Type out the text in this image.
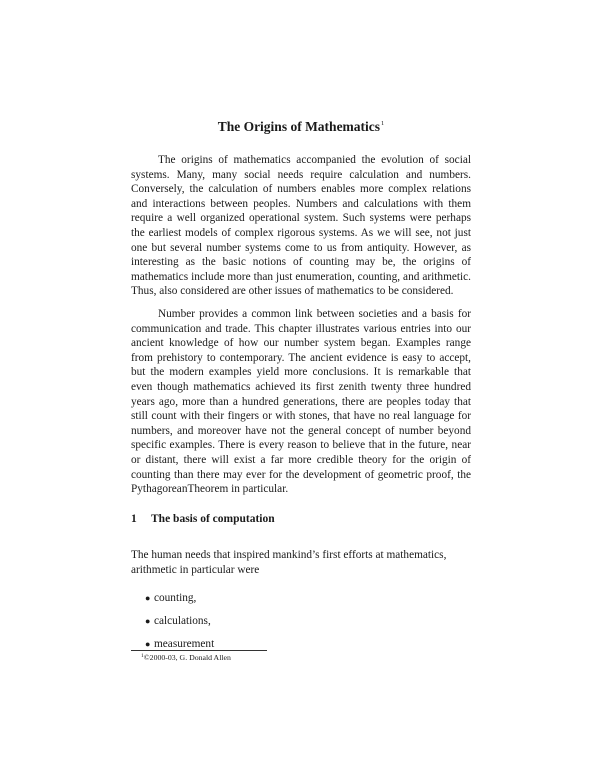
The Origins of Mathematics$^1$

The origins of mathematics accompanied the evolution of social systems. Many, many social needs require calculation and numbers. Conversely, the calculation of numbers enables more complex relations and interactions between peoples. Numbers and calculations with them require a well organized operational system. Such systems were perhaps the earliest models of complex rigorous systems. As we will see, not just one but several number systems come to us from antiquity. However, as interesting as the basic notions of counting may be, the origins of mathematics include more than just enumeration, counting, and arithmetic. Thus, also considered are other issues of mathematics to be considered.

Number provides a common link between societies and a basis for communication and trade. This chapter illustrates various entries into our ancient knowledge of how our number system began. Examples range from prehistory to contemporary. The ancient evidence is easy to accept, but the modern examples yield more conclusions. It is remarkable that even though mathematics achieved its first zenith twenty three hundred years ago, more than a hundred generations, there are peoples today that still count with their fingers or with stones, that have no real language for numbers, and moreover have not the general concept of number beyond specific examples. There is every reason to believe that in the future, near or distant, there will exist a far more credible theory for the origin of counting than there may ever for the development of geometric proof, the PythagoreanTheorem in particular.

1 The basis of computation

The human needs that inspired mankind’s first efforts at mathematics, arithmetic in particular were

● counting,
● calculations,
● measurement

$^1$©2000-03, G. Donald Allen
